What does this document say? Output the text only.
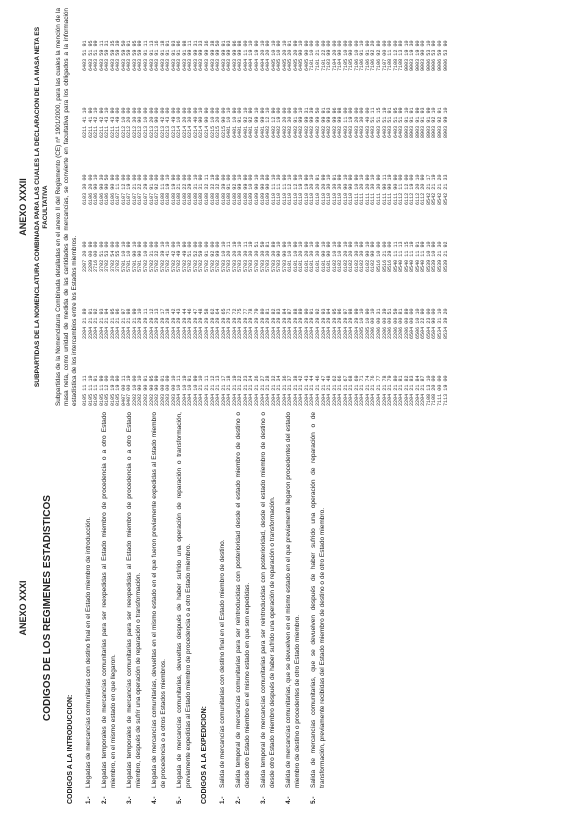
ANEXO XXXI CODIGOS DE LOS REGIMENES ESTADISTICOS

CODIGOS A LA INTRODUCCION: 1.-
Llegadas de mercancías comunitarias con destino final en el Estado miembro de introducción.
2.-
Llegadas temporales de mercancías comunitarias para ser reexpedidas al Estado miembro de procedencia o a otro Estado miembro, en el mismo estado en que llegaron.
3.-
Llegadas temporales de mercancías comunitarias para ser reexpedidas al Estado miembro de procedencia o a otro Estado miembro, después de sufrir una operación de reparación o transformación.
4.-
Llegada de mercancías comunitarias, devueltas en el mismo estado en el que fueron previamente expedidas al Estado miembro de procedencia o a otros Estados miembros.
5.-
Llegada de mercancías comunitarias, devueltas después de haber sufrido una operación de reparación o transformación, previamente expedidas al Estado miembro de procedencia o a otro Estado miembro. CODIGOS A LA EXPEDICION: 1.-
Salida de mercancías comunitarias con destino final en el Estado miembro de destino.
2.-
Salida temporal de mercancías comunitarias para ser reintroducidas con posterioridad desde el estado miembro de destino o desde otro Estado miembro en el mismo estado en que son expedidas.
3.-
Salida temporal de mercancías comunitarias para ser reintroducidas con posterioridad, desde el estado miembro de destino o desde otro Estado miembro después de haber sufrido una operación de reparación o transformación.
4.-
Salida de mercancías comunitarias, que se devuelven en el mismo estado en el que previamente llegaron procedentes del estado miembro de destino o procedentes de otro Estado miembro.
5.-
Salida de mercancías comunitarias, que se devuelven después de haber sufrido una operación de reparación o de transformación, previamente recibidas del Estado miembro de destino o de otro Estado miembro.

ANEXO XXXII SUBPARTIDAS DE LA NOMENCLATURA COMBINADA PARA LAS CUALES LA DECLARACION DE LA MASA NETA ES FACULTATIVA Subpartidas de la Nomenclatura Combinada detalladas en el anexo II del Reglamento (CE) nº 1901/2000, para las cuales la mención de la masa neta, como unidad de medida de las cantidades de mercancías, se convierte en facultativa para los obligados a la información estadística de los intercambios entre los Estados miembros. 0105 11 11 0105 11 19 0105 11 91 0105 11 99 0105 12 00 0105 19 20 0105 19 90 0407 00 11 0407 00 19 2202 10 00 2202 90 10 2202 90 91 2202 90 95 2202 90 99 2203 00 01 2203 00 09 2203 00 10 2204 10 11 2204 10 19 2204 10 91 2204 10 99 2204 21 10 2204 21 11 2204 21 12 2204 21 13 2204 21 17 2204 21 18 2204 21 19 2204 21 22 2204 21 23 2204 21 24 2204 21 26 2204 21 27 2204 21 28 2204 21 32 2204 21 34 2204 21 36 2204 21 37 2204 21 38 2204 21 42 2204 21 43 2204 21 44 2204 21 46 2204 21 47 2204 21 48 2204 21 62 2204 21 66 2204 21 67 2204 21 68 2204 21 69 2204 21 71 2204 21 74 2204 21 76 2204 21 77 2204 21 78 2204 21 79 2204 21 80 2204 21 81 2204 21 82 2204 21 83 2204 21 84 2204 21 87 7108 13 10 7108 20 00 7111 00 00 7113 19 00
2204 21 89 2204 21 91 2204 21 92 2204 21 93 2204 21 94 2204 21 95 2204 21 96 2204 21 97 2204 21 98 2204 21 99 2204 29 10 2204 29 11 2204 29 12 2204 29 13 2204 29 17 2204 29 18 2204 29 42 2204 29 43 2204 29 44 2204 29 46 2204 29 47 2204 29 48 2204 29 58 2204 29 62 2204 29 64 2204 29 65 2204 29 71 2204 29 72 2204 29 75 2204 29 77 2204 29 78 2204 29 79 2204 29 80 2204 29 81 2204 29 82 2204 29 83 2204 29 84 2204 29 87 2204 29 88 2204 29 89 2204 29 90 2204 29 91 2204 29 92 2204 29 93 2204 29 94 2204 29 95 2204 29 96 2204 29 97 2204 29 98 2204 29 99 2205 10 10 2205 10 90 2206 00 10 2206 00 31 2206 00 39 2206 00 51 2206 00 59 2206 00 81 2206 00 89 6504 00 00 6506 10 10 6504 22 90 6504 23 00 6504 90 00 8534 31 10 8534 39 20
2207 20 00 2209 00 99 2716 00 00 3702 51 00 3702 53 00 3702 54 00 3702 55 00 5701 10 10 5701 10 99 5701 90 10 5701 90 90 5702 10 00 5702 31 00 5702 32 00 5702 39 10 5702 41 10 5702 42 00 5702 49 10 5702 49 90 5702 51 00 5702 52 00 5702 59 00 5702 91 00 5702 92 00 5702 99 00 5703 10 10 5703 20 11 5703 20 19 5703 30 10 5703 30 11 5703 30 19 5703 30 51 5703 30 59 5703 30 81 5703 30 89 5703 90 10 5703 90 90 6101 10 10 6101 10 90 6101 20 10 6101 20 90 6101 30 10 6101 30 90 6101 90 10 6101 90 90 6102 10 10 6102 10 90 6102 20 10 6102 20 90 6102 30 10 6102 30 90 6102 90 10 6102 90 90 8516 10 00 8516 21 00 8516 29 00 8540 11 11 8540 11 13 8540 11 15 8540 11 19 8540 11 91 8540 11 99 8539 10 10 8539 10 90 8539 21 30 8539 21 92
6103 30 00 6106 20 00 6106 90 10 6106 90 30 6106 90 50 6106 90 90 6107 11 00 6107 12 00 6107 19 00 6107 21 00 6107 22 00 6107 29 00 6107 91 00 6107 92 00 6108 11 00 6108 19 10 6108 19 90 6108 21 00 6108 22 00 6108 29 00 6108 31 10 6108 31 90 6108 32 11 6108 32 19 6108 32 90 6108 39 00 6108 91 00 6108 92 00 6108 99 10 6108 99 90 6109 10 00 6109 90 10 6109 90 30 6109 90 90 6110 11 10 6110 11 30 6110 11 90 6110 12 10 6110 12 90 6110 19 10 6110 19 90 6110 20 10 6110 20 91 6110 20 99 6110 30 10 6110 30 91 6110 30 99 6110 90 10 6110 90 90 6111 10 90 6111 20 10 6111 20 90 6111 30 10 6111 30 90 6111 90 11 6111 90 19 6111 90 90 6112 11 00 6112 12 00 6112 19 00 6112 20 10 6112 20 90 8542 21 17 8542 21 19 8542 21 20 8542 21 33
6211 41 10 6211 41 90 6211 42 10 6211 42 90 6211 43 10 6211 43 90 6211 49 00 6212 10 00 6212 20 00 6212 30 00 6212 90 00 6213 10 00 6213 20 00 6213 90 00 6213 42 00 6213 43 00 6213 49 00 6214 10 00 6214 20 00 6214 30 00 6214 40 00 6214 90 10 6214 90 90 6215 10 00 6215 20 00 6215 90 00 6401 10 10 6401 10 90 6401 91 00 6401 92 10 6401 92 90 6401 99 10 6401 99 90 6402 12 10 6402 12 90 6402 19 00 6402 20 00 6402 30 00 6402 91 00 6402 99 10 6402 99 31 6402 99 39 6402 99 50 6402 99 91 6402 99 93 6402 99 96 6402 99 98 6403 11 00 6403 19 00 6403 20 00 6403 30 00 6403 40 00 6403 51 11 6403 51 15 6403 51 19 6403 51 91 6403 51 95 6403 51 99 8903 91 10 8903 91 91 8903 91 99 8903 91 93 8903 91 99 8903 92 10 8903 92 91 8903 99 10
6403 51 91 6403 51 95 6403 51 99 6403 59 11 6403 59 31 6403 59 35 6403 59 39 6403 59 50 6403 59 91 6403 59 95 6403 59 99 6403 91 11 6403 91 13 6403 91 16 6403 91 18 6403 91 91 6403 91 93 6403 91 96 6403 91 98 6403 99 11 6403 99 31 6403 99 33 6403 99 36 6403 99 38 6403 99 50 6403 99 91 6403 99 93 6403 99 96 6403 99 98 6404 11 00 6404 19 10 6404 19 90 6404 20 10 6404 20 90 6405 10 10 6405 10 90 6405 20 10 6405 20 91 6405 20 99 6405 90 10 6405 90 90 7101 10 00 7101 21 00 7101 22 00 7103 99 00 7104 20 00 7104 90 00 7105 10 00 7105 90 00 7106 10 00 7106 91 10 7106 91 90 7106 92 20 7106 92 80 7107 00 00 7108 11 00 7108 12 00 7108 13 80 9003 19 10 9003 19 30 9003 19 90 9003 90 00 9006 53 10 9006 53 90 9006 59 00 9006 53 90
